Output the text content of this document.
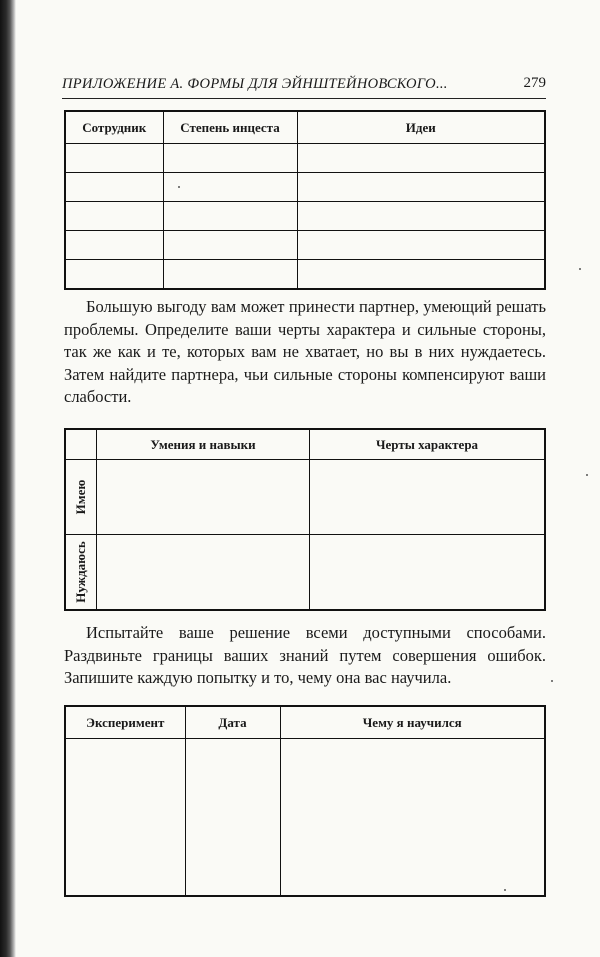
ПРИЛОЖЕНИЕ А. ФОРМЫ ДЛЯ ЭЙНШТЕЙНОВСКОГО...	279
Сотрудник	Степень инцеста	Идеи

Большую выгоду вам может принести партнер, умеющий решать проблемы. Определите ваши черты характера и сильные стороны, так же как и те, которых вам не хватает, но вы в них нуждаетесь. Затем найдите партнера, чьи сильные стороны компенсируют ваши слабости.

	Умения и навыки	Черты характера

Имею		

Нуждаюсь		

Испытайте ваше решение всеми доступными способами. Раздвиньте границы ваших знаний путем совершения ошибок. Запишите каждую попытку и то, чему она вас научила.

Эксперимент	Дата	Чему я научился
